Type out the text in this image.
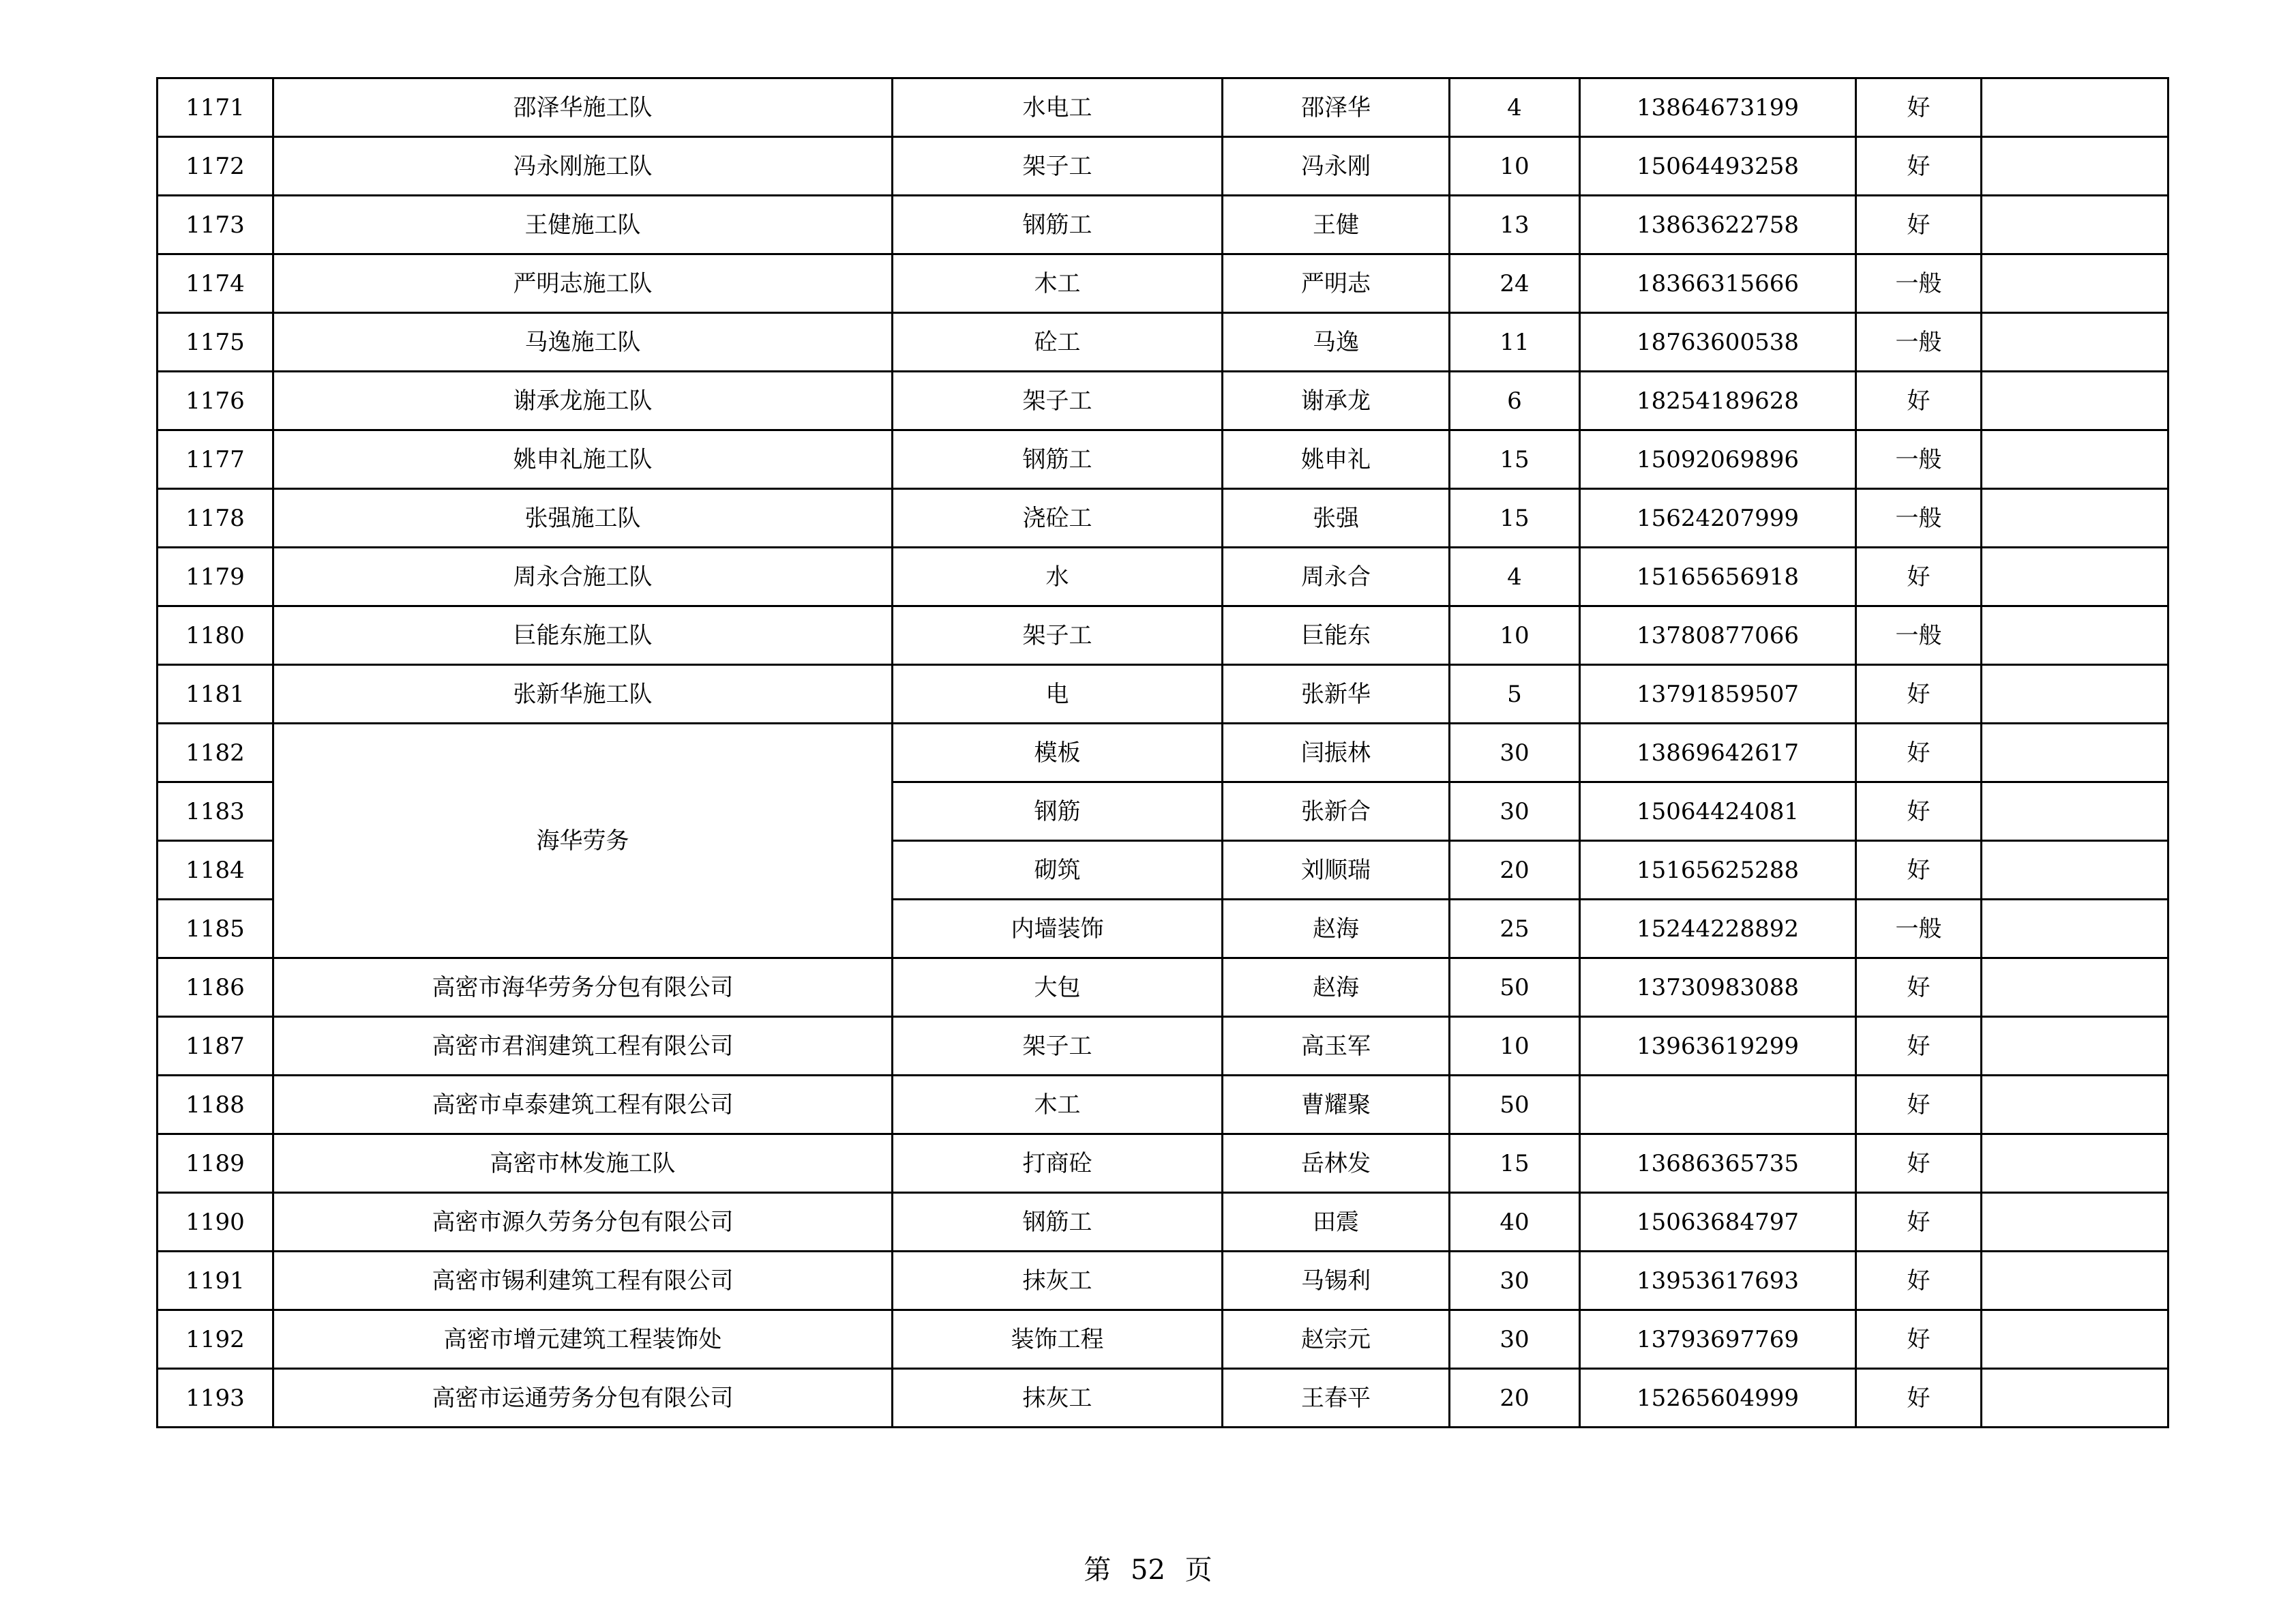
1171	邵泽华施工队	水电工	邵泽华	4	13864673199	好	
1172	冯永刚施工队	架子工	冯永刚	10	15064493258	好	
1173	王健施工队	钢筋工	王健	13	13863622758	好	
1174	严明志施工队	木工	严明志	24	18366315666	一般	
1175	马逸施工队	砼工	马逸	11	18763600538	一般	
1176	谢承龙施工队	架子工	谢承龙	6	18254189628	好	
1177	姚申礼施工队	钢筋工	姚申礼	15	15092069896	一般	
1178	张强施工队	浇砼工	张强	15	15624207999	一般	
1179	周永合施工队	水	周永合	4	15165656918	好	
1180	巨能东施工队	架子工	巨能东	10	13780877066	一般	
1181	张新华施工队	电	张新华	5	13791859507	好	
1182	海华劳务	模板	闫振林	30	13869642617	好	
1183		钢筋	张新合	30	15064424081	好	
1184		砌筑	刘顺瑞	20	15165625288	好	
1185		内墙装饰	赵海	25	15244228892	一般	
1186	高密市海华劳务分包有限公司	大包	赵海	50	13730983088	好	
1187	高密市君润建筑工程有限公司	架子工	高玉军	10	13963619299	好	
1188	高密市卓泰建筑工程有限公司	木工	曹耀聚	50		好	
1189	高密市林发施工队	打商砼	岳林发	15	13686365735	好	
1190	高密市源久劳务分包有限公司	钢筋工	田震	40	15063684797	好	
1191	高密市锡利建筑工程有限公司	抹灰工	马锡利	30	13953617693	好	
1192	高密市增元建筑工程装饰处	装饰工程	赵宗元	30	13793697769	好	
1193	高密市运通劳务分包有限公司	抹灰工	王春平	20	15265604999	好	
第 52 页
